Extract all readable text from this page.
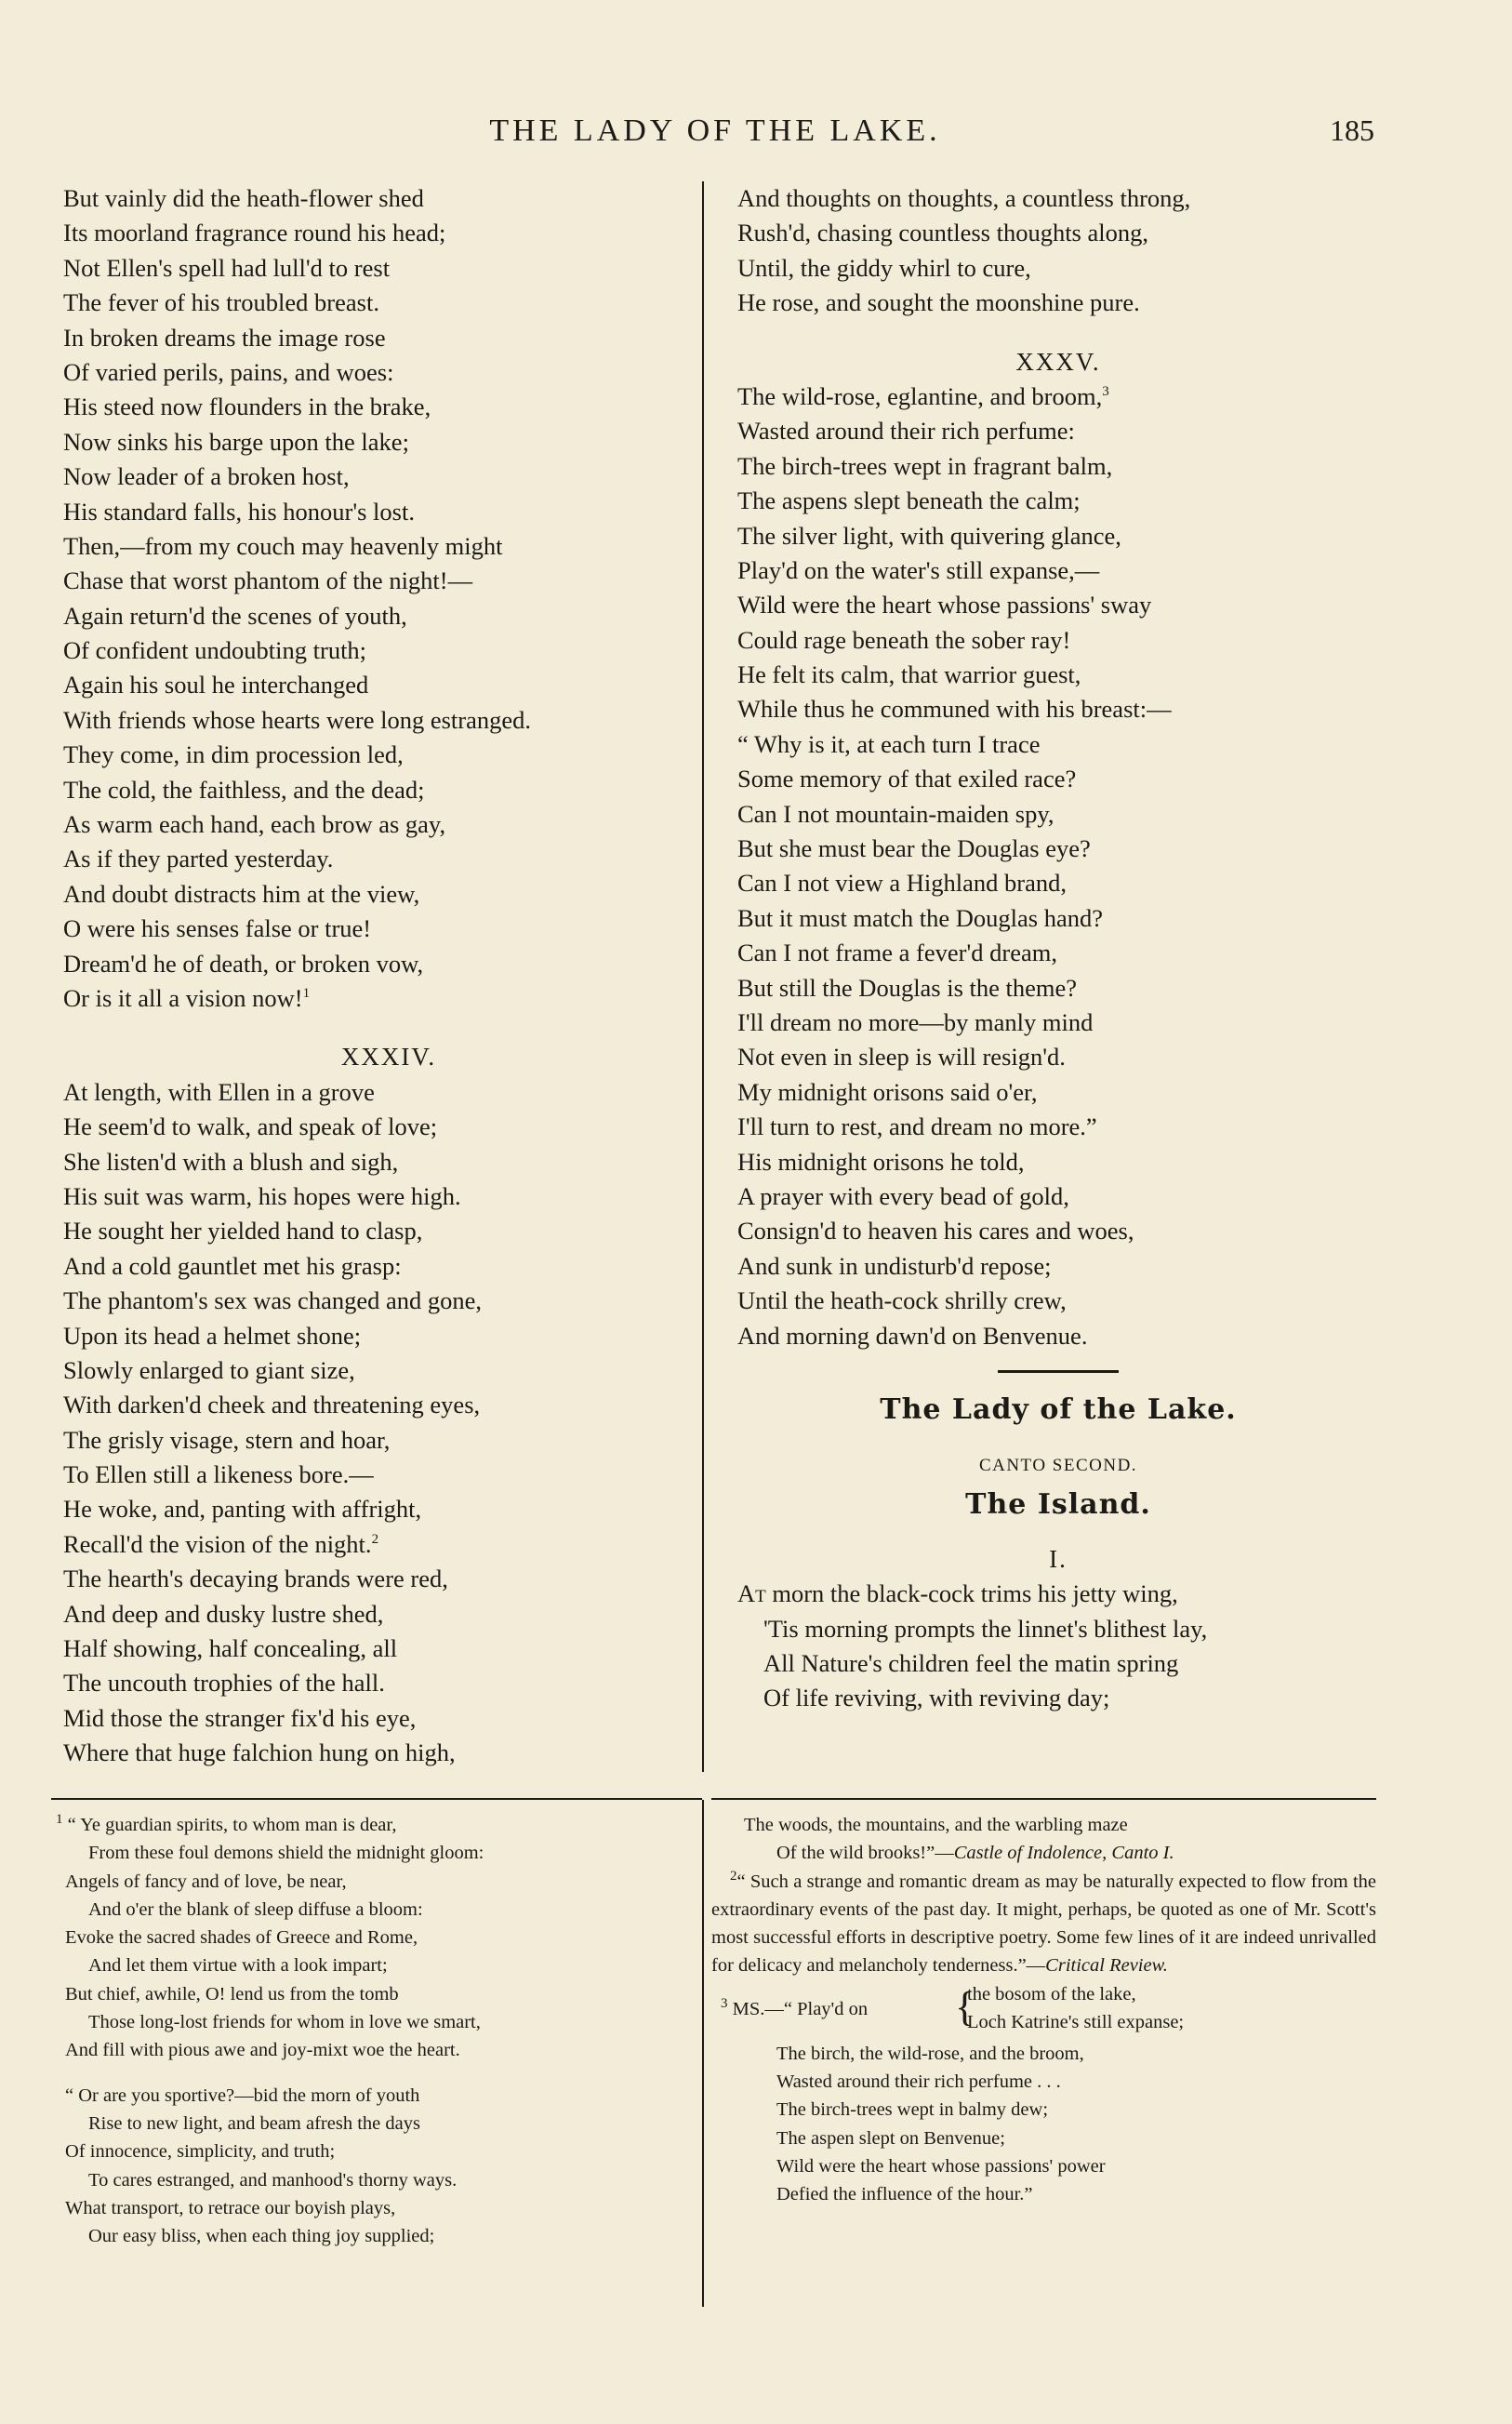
THE LADY OF THE LAKE.	185
But vainly did the heath-flower shed
Its moorland fragrance round his head;
Not Ellen's spell had lull'd to rest
The fever of his troubled breast.
In broken dreams the image rose
Of varied perils, pains, and woes:
His steed now flounders in the brake,
Now sinks his barge upon the lake;
Now leader of a broken host,
His standard falls, his honour's lost.
Then,—from my couch may heavenly might
Chase that worst phantom of the night!—
Again return'd the scenes of youth,
Of confident undoubting truth;
Again his soul he interchanged
With friends whose hearts were long estranged.
They come, in dim procession led,
The cold, the faithless, and the dead;
As warm each hand, each brow as gay,
As if they parted yesterday.
And doubt distracts him at the view,
O were his senses false or true!
Dream'd he of death, or broken vow,
Or is it all a vision now!$^1$
XXXIV.
At length, with Ellen in a grove
He seem'd to walk, and speak of love;
She listen'd with a blush and sigh,
His suit was warm, his hopes were high.
He sought her yielded hand to clasp,
And a cold gauntlet met his grasp:
The phantom's sex was changed and gone,
Upon its head a helmet shone;
Slowly enlarged to giant size,
With darken'd cheek and threatening eyes,
The grisly visage, stern and hoar,
To Ellen still a likeness bore.—
He woke, and, panting with affright,
Recall'd the vision of the night.$^2$
The hearth's decaying brands were red,
And deep and dusky lustre shed,
Half showing, half concealing, all
The uncouth trophies of the hall.
Mid those the stranger fix'd his eye,
Where that huge falchion hung on high,
And thoughts on thoughts, a countless throng,
Rush'd, chasing countless thoughts along,
Until, the giddy whirl to cure,
He rose, and sought the moonshine pure.
XXXV.
The wild-rose, eglantine, and broom,$^3$
Wasted around their rich perfume:
The birch-trees wept in fragrant balm,
The aspens slept beneath the calm;
The silver light, with quivering glance,
Play'd on the water's still expanse,—
Wild were the heart whose passions' sway
Could rage beneath the sober ray!
He felt its calm, that warrior guest,
While thus he communed with his breast:—
“ Why is it, at each turn I trace
Some memory of that exiled race?
Can I not mountain-maiden spy,
But she must bear the Douglas eye?
Can I not view a Highland brand,
But it must match the Douglas hand?
Can I not frame a fever'd dream,
But still the Douglas is the theme?
I'll dream no more—by manly mind
Not even in sleep is will resign'd.
My midnight orisons said o'er,
I'll turn to rest, and dream no more.”
His midnight orisons he told,
A prayer with every bead of gold,
Consign'd to heaven his cares and woes,
And sunk in undisturb'd repose;
Until the heath-cock shrilly crew,
And morning dawn'd on Benvenue.
The Lady of the Lake.
CANTO SECOND.
The Island.
I.
At morn the black-cock trims his jetty wing,
'Tis morning prompts the linnet's blithest lay,
All Nature's children feel the matin spring
Of life reviving, with reviving day;
$^1$ “ Ye guardian spirits, to whom man is dear,
From these foul demons shield the midnight gloom:
Angels of fancy and of love, be near,
And o'er the blank of sleep diffuse a bloom:
Evoke the sacred shades of Greece and Rome,
And let them virtue with a look impart;
But chief, awhile, O! lend us from the tomb
Those long-lost friends for whom in love we smart,
And fill with pious awe and joy-mixt woe the heart.
“ Or are you sportive?—bid the morn of youth
Rise to new light, and beam afresh the days
Of innocence, simplicity, and truth;
To cares estranged, and manhood's thorny ways.
What transport, to retrace our boyish plays,
Our easy bliss, when each thing joy supplied;
The woods, the mountains, and the warbling maze
Of the wild brooks!”—Castle of Indolence, Canto I.
$^2$“ Such a strange and romantic dream as may be naturally expected to flow from the extraordinary events of the past day. It might, perhaps, be quoted as one of Mr. Scott's most successful efforts in descriptive poetry. Some few lines of it are indeed unrivalled for delicacy and melancholy tenderness.”—Critical Review.
$^3$ MS.—“ Play'd on {
the bosom of the lake,
Loch Katrine's still expanse;
The birch, the wild-rose, and the broom,
Wasted around their rich perfume . . .
The birch-trees wept in balmy dew;
The aspen slept on Benvenue;
Wild were the heart whose passions' power
Defied the influence of the hour.”
